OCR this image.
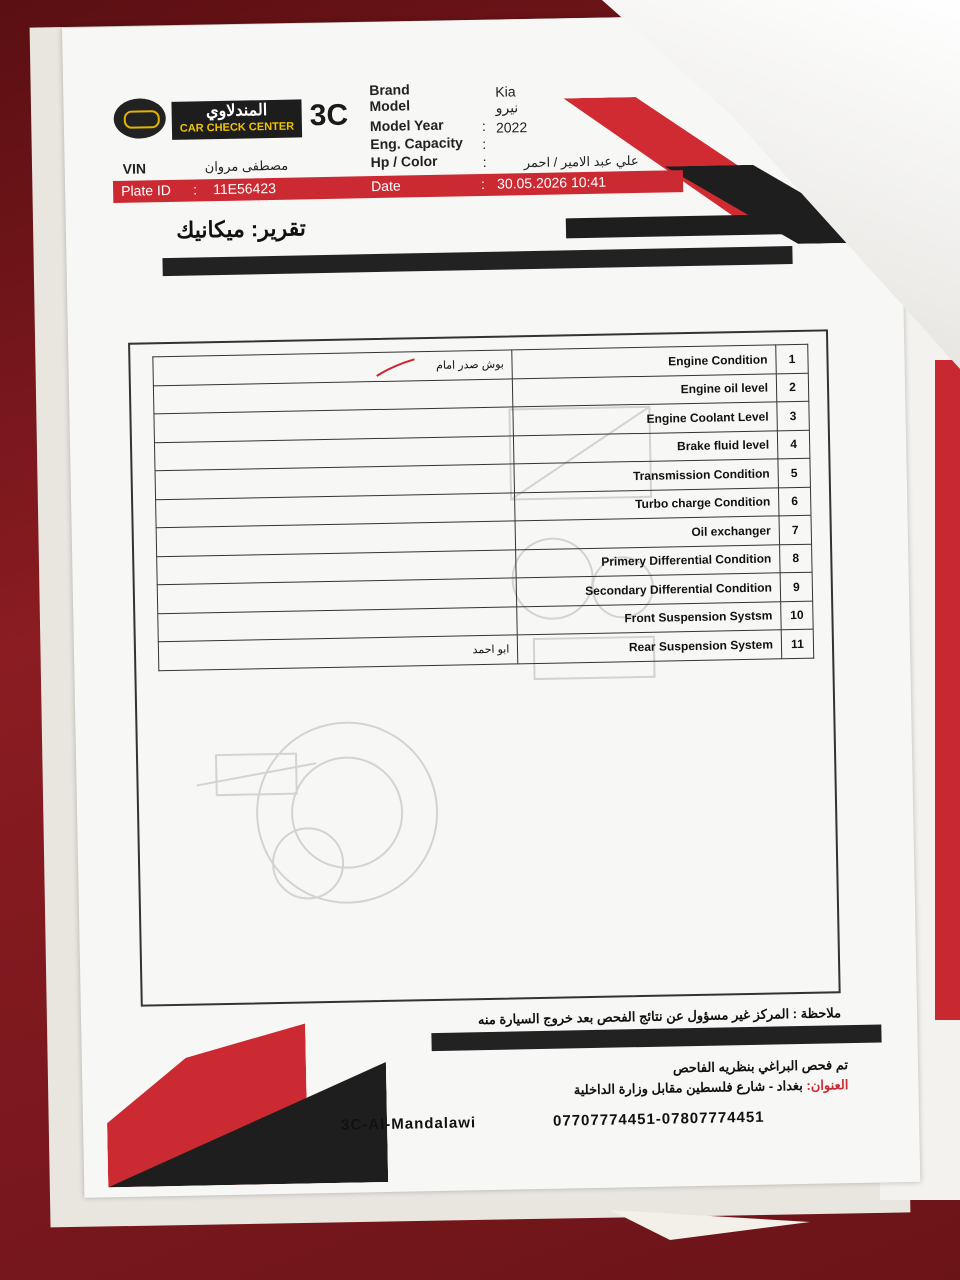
المندلاوي
CAR CHECK CENTER 3C
Brand	Kia
Model	نيرو
Model Year	: 2022
Eng. Capacity :
Hp / Color	:	علي عبد الامير / احمر
VIN	مصطفى مروان
Plate ID : 11E56423	Date	: 30.05.2026 10:41
تقرير: ميكانيك
بوش صدر امام	Engine Condition	1
	Engine oil level	2
	Engine Coolant Level	3
	Brake fluid level	4
	Transmission Condition	5
	Turbo charge Condition	6
	Oil exchanger	7
	Primery Differential Condition	8
	Secondary Differential Condition	9
	Front Suspension Systsm	10
ابو احمد	Rear Suspension System	11
ملاحظة : المركز غير مسؤول عن نتائج الفحص بعد خروج السيارة منه
تم فحص البراغي بنظريه الفاحص
العنوان: بغداد - شارع فلسطين مقابل وزارة الداخلية
3C-Al-Mandalawi	07707774451-07807774451
